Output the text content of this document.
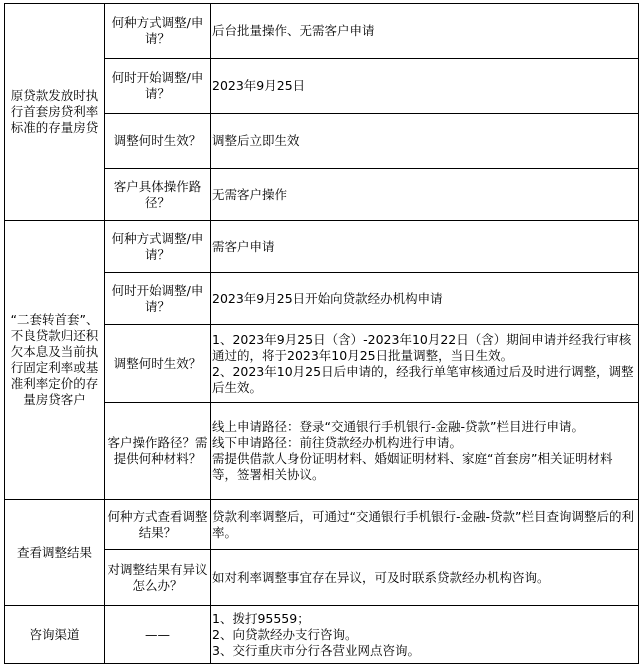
原贷款发放时执行首套房贷利率标准的存量房贷	何种方式调整/申请？	后台批量操作、无需客户申请

	何时开始调整/申请？	2023年9月25日

	调整何时生效？	调整后立即生效

	客户具体操作路径？	无需客户操作

“二套转首套”、不良贷款归还积欠本息及当前执行固定利率或基准利率定价的存量房贷客户	何种方式调整/申请？	需客户申请

	何时开始调整/申请？	2023年9月25日开始向贷款经办机构申请

	调整何时生效？	1、2023年9月25日（含）-2023年10月22日（含）期间申请并经我行审核通过的，将于2023年10月25日批量调整，当日生效。
2、2023年10月25日后申请的，经我行单笔审核通过后及时进行调整，调整后生效。

	客户操作路径？需提供何种材料？	线上申请路径：登录“交通银行手机银行-金融-贷款”栏目进行申请。
线下申请路径：前往贷款经办机构进行申请。
需提供借款人身份证明材料、婚姻证明材料、家庭“首套房”相关证明材料等，签署相关协议。

查看调整结果	何种方式查看调整结果？	贷款利率调整后，可通过“交通银行手机银行-金融-贷款”栏目查询调整后的利率。

	对调整结果有异议怎么办？	如对利率调整事宜存在异议，可及时联系贷款经办机构咨询。

咨询渠道	——	1、拨打95559；
2、向贷款经办支行咨询。
3、交行重庆市分行各营业网点咨询。
